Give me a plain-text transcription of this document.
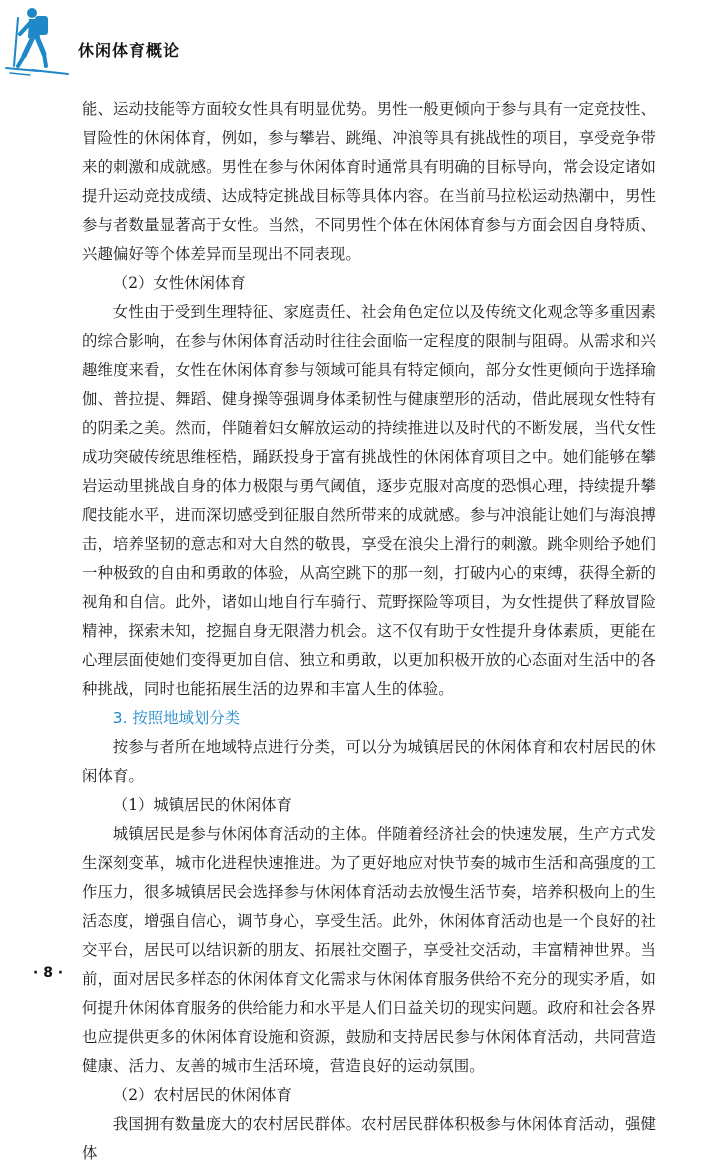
休闲体育概论

能、运动技能等方面较女性具有明显优势。男性一般更倾向于参与具有一定竞技性、冒险性的休闲体育，例如，参与攀岩、跳绳、冲浪等具有挑战性的项目，享受竞争带来的刺激和成就感。男性在参与休闲体育时通常具有明确的目标导向，常会设定诸如提升运动竞技成绩、达成特定挑战目标等具体内容。在当前马拉松运动热潮中，男性参与者数量显著高于女性。当然，不同男性个体在休闲体育参与方面会因自身特质、兴趣偏好等个体差异而呈现出不同表现。

（2）女性休闲体育

女性由于受到生理特征、家庭责任、社会角色定位以及传统文化观念等多重因素的综合影响，在参与休闲体育活动时往往会面临一定程度的限制与阻碍。从需求和兴趣维度来看，女性在休闲体育参与领域可能具有特定倾向，部分女性更倾向于选择瑜伽、普拉提、舞蹈、健身操等强调身体柔韧性与健康塑形的活动，借此展现女性特有的阴柔之美。然而，伴随着妇女解放运动的持续推进以及时代的不断发展，当代女性成功突破传统思维桎梏，踊跃投身于富有挑战性的休闲体育项目之中。她们能够在攀岩运动里挑战自身的体力极限与勇气阈值，逐步克服对高度的恐惧心理，持续提升攀爬技能水平，进而深切感受到征服自然所带来的成就感。参与冲浪能让她们与海浪搏击，培养坚韧的意志和对大自然的敬畏，享受在浪尖上滑行的刺激。跳伞则给予她们一种极致的自由和勇敢的体验，从高空跳下的那一刻，打破内心的束缚，获得全新的视角和自信。此外，诸如山地自行车骑行、荒野探险等项目，为女性提供了释放冒险精神，探索未知，挖掘自身无限潜力机会。这不仅有助于女性提升身体素质，更能在心理层面使她们变得更加自信、独立和勇敢，以更加积极开放的心态面对生活中的各种挑战，同时也能拓展生活的边界和丰富人生的体验。

3. 按照地域划分类

按参与者所在地域特点进行分类，可以分为城镇居民的休闲体育和农村居民的休闲体育。

（1）城镇居民的休闲体育

城镇居民是参与休闲体育活动的主体。伴随着经济社会的快速发展，生产方式发生深刻变革，城市化进程快速推进。为了更好地应对快节奏的城市生活和高强度的工作压力，很多城镇居民会选择参与休闲体育活动去放慢生活节奏，培养积极向上的生活态度，增强自信心，调节身心，享受生活。此外，休闲体育活动也是一个良好的社交平台，居民可以结识新的朋友、拓展社交圈子，享受社交活动，丰富精神世界。当前，面对居民多样态的休闲体育文化需求与休闲体育服务供给不充分的现实矛盾，如何提升休闲体育服务的供给能力和水平是人们日益关切的现实问题。政府和社会各界也应提供更多的休闲体育设施和资源，鼓励和支持居民参与休闲体育活动，共同营造健康、活力、友善的城市生活环境，营造良好的运动氛围。

（2）农村居民的休闲体育

我国拥有数量庞大的农村居民群体。农村居民群体积极参与休闲体育活动，强健体

· 8 ·
